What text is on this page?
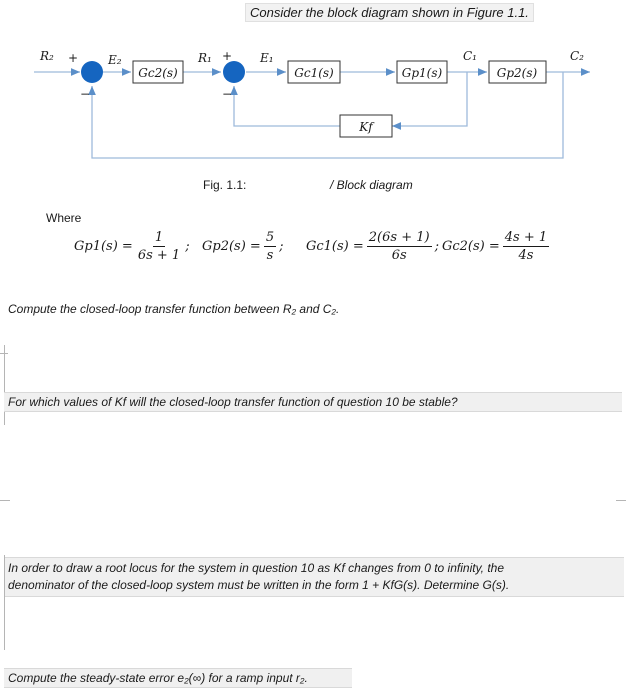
Consider the block diagram shown in Figure 1.1.
Gc2(s)	Gc1(s)	Gp1(s)	Gp2(s)
Kf
R₂	E₂	R₁	E₁	C₁	C₂
+
−
+
−
Fig. 1.1:	/ Block diagram
Where
$Gp1(s) = \frac{1}{6s + 1}$ ; $Gp2(s) = \frac{5}{s}$ ; $Gc1(s) = \frac{2(6s + 1)}{6s}$ ; $Gc2(s) = \frac{4s + 1}{4s}$
Compute the closed-loop transfer function between R₂ and C₂.
For which values of Kf will the closed-loop transfer function of question 10 be stable?
In order to draw a root locus for the system in question 10 as Kf changes from 0 to infinity, the
denominator of the closed-loop system must be written in the form 1 + KfG(s). Determine G(s).
Compute the steady-state error e₂(∞) for a ramp input r₂.
